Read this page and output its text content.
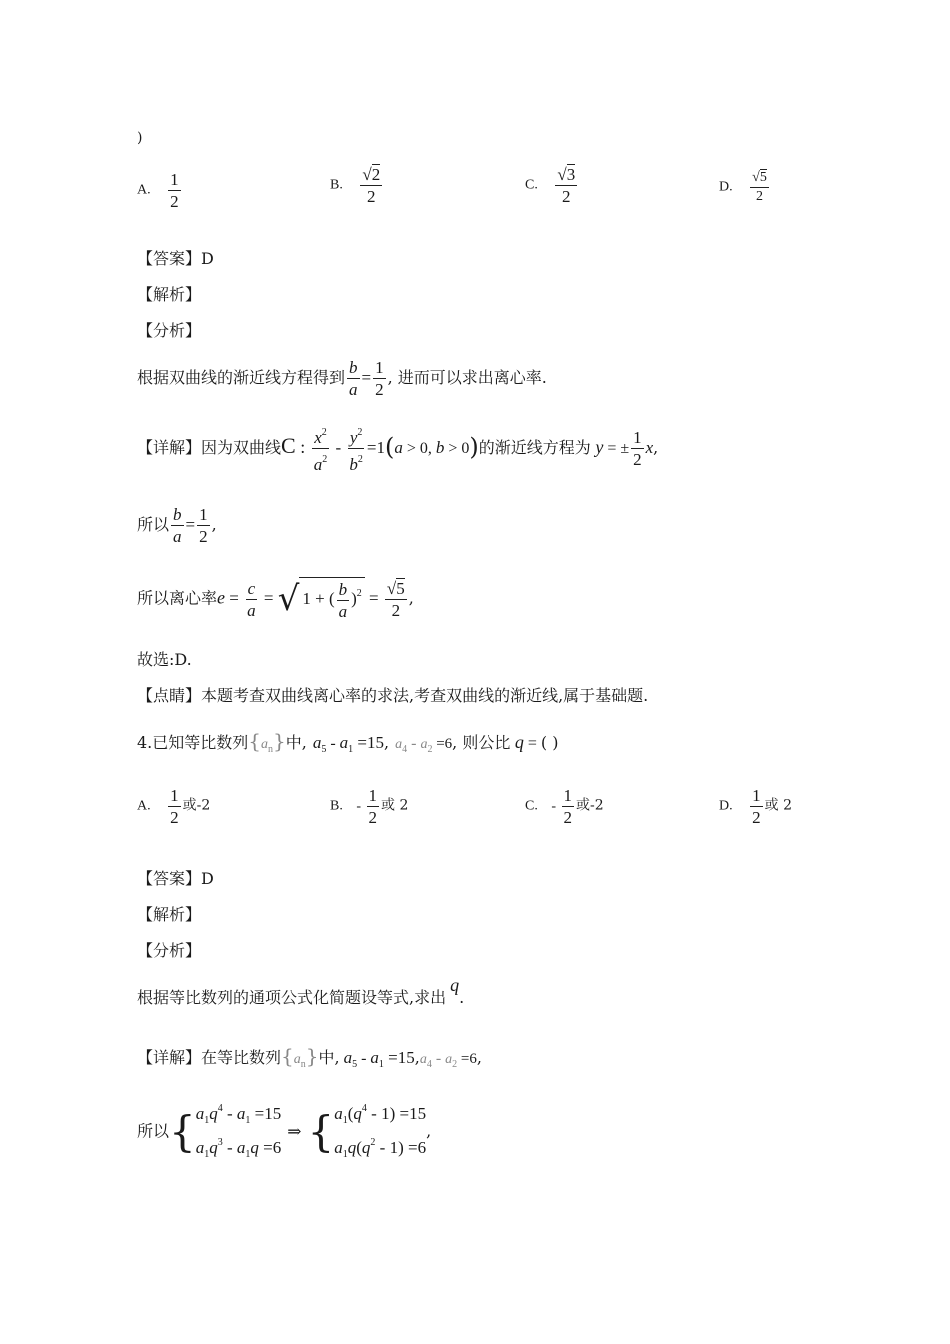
)
A. $\frac{1}{2}$	B. $\frac{√2}{2}$	C. $\frac{√3}{2}$	D. $\frac{√5}{2}$
【答案】D
【解析】
【分析】
根据双曲线的渐近线方程得到 $\frac{b}{a} = \frac{1}{2}$ , 进而可以求出离心率.
【详解】因为双曲线C : $\frac{x^2}{a^2} - \frac{y^2}{b^2} =1(a > 0$, b > 0)的渐近线方程为 y = ± $\frac{1}{2} x$,
所以 $\frac{b}{a} = \frac{1}{2}$ ,
所以离心率$e = \frac{c}{a}$ = √ 1 + ( $\frac{b}{a} )^2 = \frac{√5}{2}$ ,
故选:D.
【点睛】本题考查双曲线离心率的求法,考查双曲线的渐近线,属于基础题.
4.已知等比数列$\{a_n\}$中, $a_5 - a_1 =15$, $a_4 - a_2 =6$, 则公比 q = ( )
A. $\frac{1}{2}$ 或-2	B. - $\frac{1}{2}$ 或 2	C. - $\frac{1}{2}$ 或-2	D. $\frac{1}{2}$ 或 2
【答案】D
【解析】
【分析】
根据等比数列的通项公式化简题设等式,求出q.
【详解】在等比数列$\{a_n\}$中, $a_5 - a_1 =15,a_4 - a_2 =6$,
所以{ $a_1q^4 - a_1 =15$
$a_1q^3 - a_1q =6$
⇒ { $a_1(q^4 - 1) =15$
$a_1q(q^2 - 1) =6$
,
